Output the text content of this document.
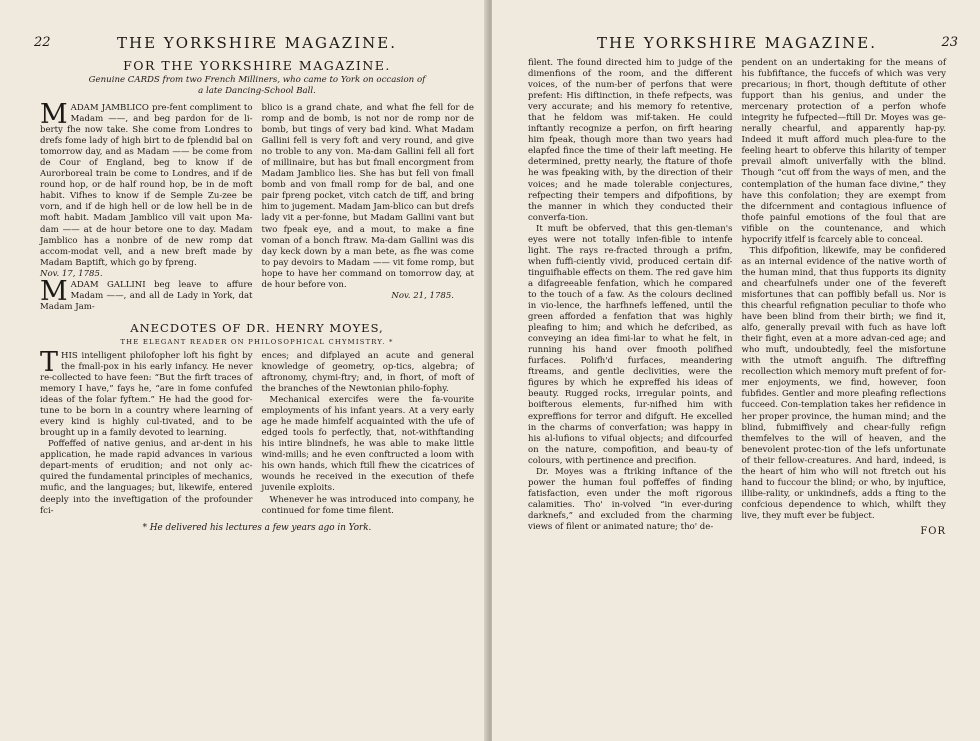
22	THE YORKSHIRE MAGAZINE.
FOR THE YORKSHIRE MAGAZINE.
Genuine CARDS from two French Milliners, who came to York on occasion of
a late Dancing-School Ball.

MADAM JAMBLICO pre-fent compliment to Madam ——, and beg pardon for de li-berty fhe now take. She come from Londres to drefs fome lady of high birt to de fplendid bal on tomorrow day, and as Madam —— be come from de Cour of England, beg to know if de Aurorboreal train be come to Londres, and if de round hop, or de half round hop, be in de moft habit. Vifhes to know if de Semple Zu-zee be vorn, and if de high hell or de low hell be in de moft habit. Madam Jamblico vill vait upon Ma-dam —— at de hour betore one to day. Madam Jamblico has a nonbre of de new romp dat accom-modat vell, and a new breft made by Madam Baptift, which go by fpreng.

Nov. 17, 1785.

MADAM GALLINI beg leave to affure Madam ——, and all de Lady in York, dat Madam Jam-

blico is a grand chate, and what fhe fell for de romp and de bomb, is not nor de romp nor de bomb, but tings of very bad kind. What Madam Gallini fell is very foft and very round, and give no troble to any von. Ma-dam Gallini fell all fort of millinaire, but has but fmall encorgment from Madam Jamblico lies. She has but fell von fmall bomb and von fmall romp for de bal, and one pair fpreng pocket, vitch catch de tiff, and bring him to jugement. Madam Jam-blico can but drefs lady vit a per-fonne, but Madam Gallini vant but two fpeak eye, and a mout, to make a fine voman of a bonch ftraw. Ma-dam Gallini was dis day keck down by a man bete, as fhe was come to pay devoirs to Madam —— vit fome romp, but hope to have her command on tomorrow day, at de hour before von.

Nov. 21, 1785.

ANECDOTES OF DR. HENRY MOYES,
THE ELEGANT READER ON PHILOSOPHICAL CHYMISTRY. *

THIS intelligent philofopher loft his fight by the fmall-pox in his early infancy. He never re-collected to have feen: “But the firft traces of memory I have,” fays he, “are in fome confufed ideas of the folar fyftem.” He had the good for-tune to be born in a country where learning of every kind is highly cul-tivated, and to be brought up in a family devoted to learning.

Poffeffed of native genius, and ar-dent in his application, he made rapid advances in various depart-ments of erudition; and not only ac-quired the fundamental principles of mechanics, mufic, and the languages; but, likewife, entered deeply into the inveftigation of the profounder fci-

ences; and difplayed an acute and general knowledge of geometry, op-tics, algebra; of aftronomy, chymi-ftry; and, in fhort, of moft of the branches of the Newtonian philo-fophy.

Mechanical exercifes were the fa-vourite employments of his infant years. At a very early age he made himfelf acquainted with the ufe of edged tools fo perfectly, that, not-withftanding his intire blindnefs, he was able to make little wind-mills; and he even conftructed a loom with his own hands, which ftill fhew the cicatrices of wounds he received in the execution of thefe juvenile exploits.

Whenever he was introduced into company, he continued for fome time filent.

* He delivered his lectures a few years ago in York.
THE YORKSHIRE MAGAZINE.	23

filent. The found directed him to judge of the dimenfions of the room, and the different voices, of the num-ber of perfons that were prefent: His diftinction, in thefe refpects, was very accurate; and his memory fo retentive, that he feldom was mif-taken. He could inftantly recognize a perfon, on firft hearing him fpeak, though more than two years had elapfed fince the time of their laft meeting. He determined, pretty nearly, the ftature of thofe he was fpeaking with, by the direction of their voices; and he made tolerable conjectures, refpecting their tempers and difpofitions, by the manner in which they conducted their converfa-tion.

It muft be obferved, that this gen-tleman's eyes were not totally infen-fible to intenfe light. The rays re-fracted through a prifm, when fuffi-ciently vivid, produced certain dif-tinguifhable effects on them. The red gave him a difagreeable fenfation, which he compared to the touch of a faw. As the colours declined in vio-lence, the harfhnefs leffened, until the green afforded a fenfation that was highly pleafing to him; and which he defcribed, as conveying an idea fimi-lar to what he felt, in running his hand over fmooth polifhed furfaces. Polifh'd furfaces, meandering ftreams, and gentle declivities, were the figures by which he expreffed his ideas of beauty. Rugged rocks, irregular points, and boifterous elements, fur-nifhed him with expreffions for terror and difguft. He excelled in the charms of converfation; was happy in his al-lufions to vifual objects; and difcourfed on the nature, compofition, and beau-ty of colours, with pertinence and precifion.

Dr. Moyes was a ftriking inftance of the power the human foul poffeffes of finding fatisfaction, even under the moft rigorous calamities. Tho' in-volved “in ever-during darknefs,” and excluded from the charming views of filent or animated nature; tho' de-

pendent on an undertaking for the means of his fubfiftance, the fuccefs of which was very precarious; in fhort, though deftitute of other fupport than his genius, and under the mercenary protection of a perfon whofe integrity he fufpected—ftill Dr. Moyes was ge-nerally chearful, and apparently hap-py. Indeed it muft afford much plea-fure to the feeling heart to obferve this hilarity of temper prevail almoft univerfally with the blind. Though “cut off from the ways of men, and the contemplation of the human face divine,” they have this confolation; they are exempt from the difcernment and contagious influence of thofe painful emotions of the foul that are vifible on the countenance, and which hypocrify itfelf is fcarcely able to conceal.

This difpofition, likewife, may be confidered as an internal evidence of the native worth of the human mind, that thus fupports its dignity and chearfulnefs under one of the fevereft misfortunes that can poffibly befall us. Nor is this chearful refignation peculiar to thofe who have been blind from their birth; we find it, alfo, generally prevail with fuch as have loft their fight, even at a more advan-ced age; and who muft, undoubtedly, feel the misfortune with the utmoft anguifh. The diftreffing recollection which memory muft prefent of for-mer enjoyments, we find, however, foon fubfides. Gentler and more pleafing reflections fucceed. Con-templation takes her refidence in her proper province, the human mind; and the blind, fubmiffively and chear-fully refign themfelves to the will of heaven, and the benevolent protec-tion of the lefs unfortunate of their fellow-creatures. And hard, indeed, is the heart of him who will not ftretch out his hand to fuccour the blind; or who, by injuftice, illibe-rality, or unkindnefs, adds a fting to the confcious dependence to which, whilft they live, they muft ever be fubject.

FOR
